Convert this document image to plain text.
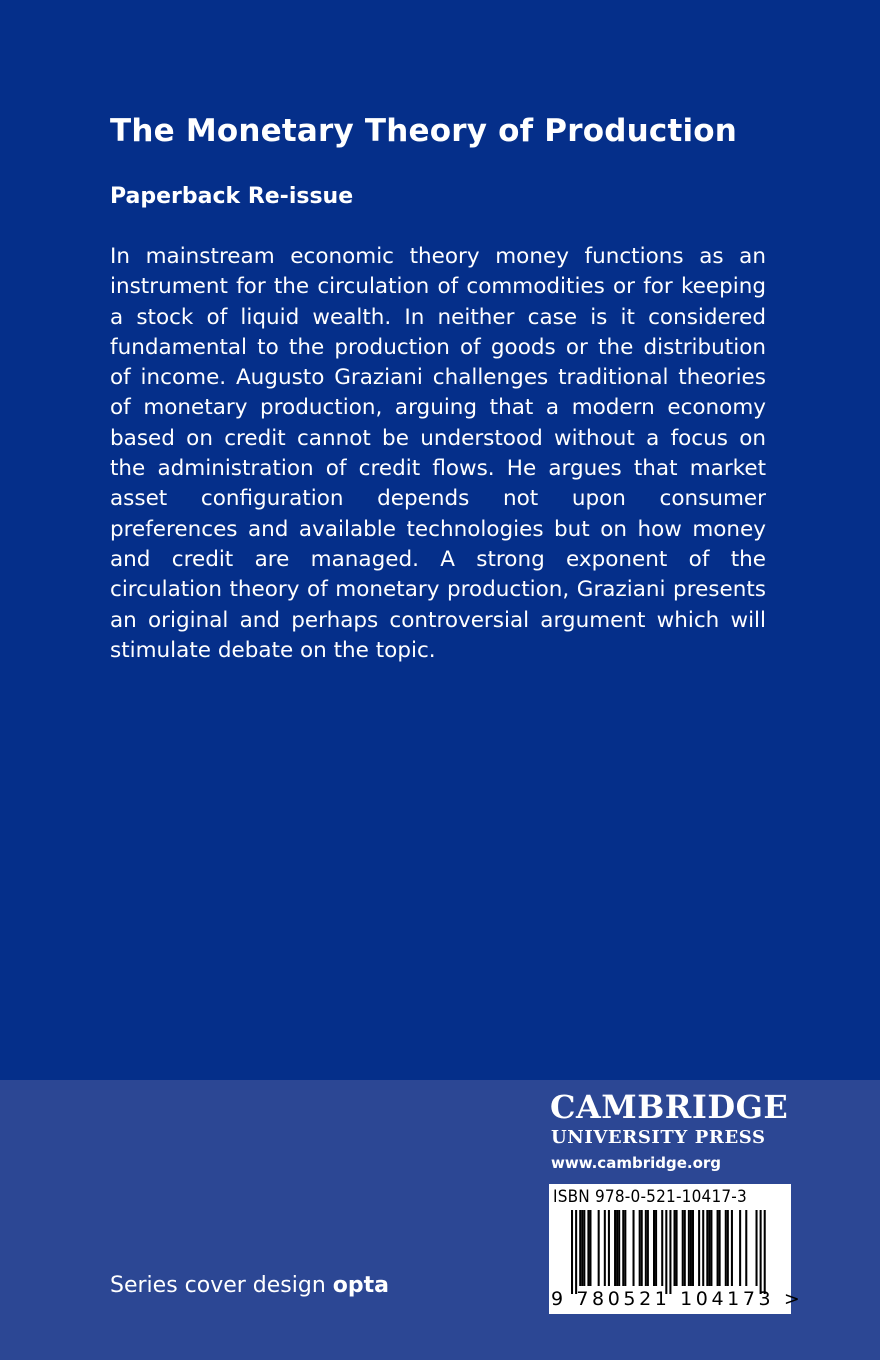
The Monetary Theory of Production
Paperback Re-issue

In mainstream economic theory money functions as an instrument for the circulation of commodities or for keeping a stock of liquid wealth. In neither case is it considered fundamental to the production of goods or the distribution of income. Augusto Graziani challenges traditional theories of monetary production, arguing that a modern economy based on credit cannot be understood without a focus on the administration of credit flows. He argues that market asset configuration depends not upon consumer preferences and available technologies but on how money and credit are managed. A strong exponent of the circulation theory of monetary production, Graziani presents an original and perhaps controversial argument which will stimulate debate on the topic.

Series cover design opta
CAMBRIDGE
UNIVERSITY PRESS
www.cambridge.org
ISBN 978-0-521-10417-3
9 780521 104173 >
